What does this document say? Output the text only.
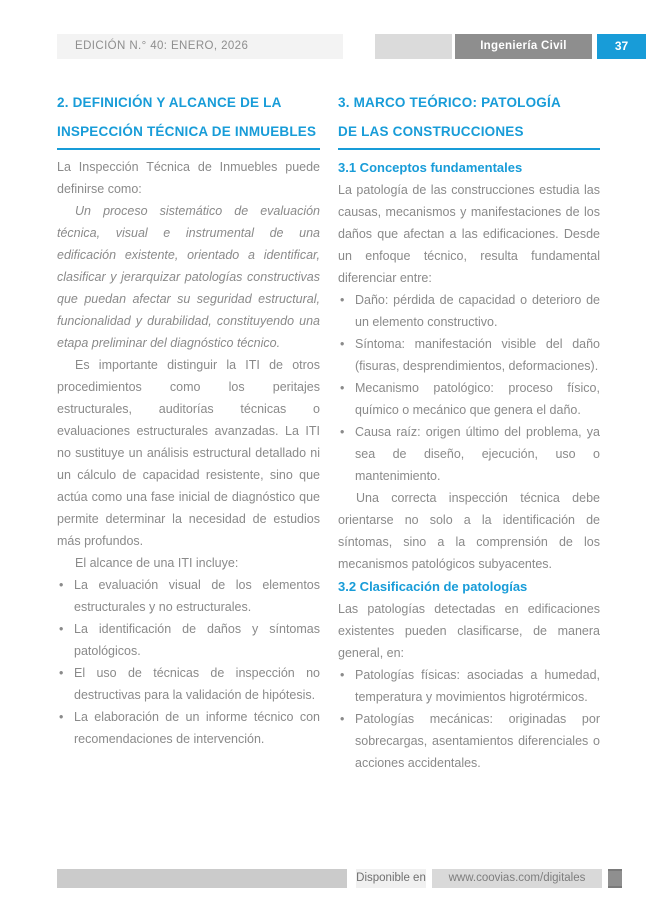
EDICIÓN N.° 40: ENERO, 2026	Ingeniería Civil	37
2. DEFINICIÓN Y ALCANCE DE LA
INSPECCIÓN TÉCNICA DE INMUEBLES

La Inspección Técnica de Inmuebles puede definirse como:

Un proceso sistemático de evaluación técnica, visual e instrumental de una edificación existente, orientado a identificar, clasificar y jerarquizar patologías constructivas que puedan afectar su seguridad estructural, funcionalidad y durabilidad, constituyendo una etapa preliminar del diagnóstico técnico.

Es importante distinguir la ITI de otros procedimientos como los peritajes estructurales, auditorías técnicas o evaluaciones estructurales avanzadas. La ITI no sustituye un análisis estructural detallado ni un cálculo de capacidad resistente, sino que actúa como una fase inicial de diagnóstico que permite determinar la necesidad de estudios más profundos.

El alcance de una ITI incluye:

• La evaluación visual de los elementos estructurales y no estructurales.
• La identificación de daños y síntomas patológicos.
• El uso de técnicas de inspección no destructivas para la validación de hipótesis.
• La elaboración de un informe técnico con recomendaciones de intervención.
3. MARCO TEÓRICO: PATOLOGÍA
DE LAS CONSTRUCCIONES
3.1 Conceptos fundamentales

La patología de las construcciones estudia las causas, mecanismos y manifestaciones de los daños que afectan a las edificaciones. Desde un enfoque técnico, resulta fundamental diferenciar entre:

• Daño: pérdida de capacidad o deterioro de un elemento constructivo.
• Síntoma: manifestación visible del daño (fisuras, desprendimientos, deformaciones).
• Mecanismo patológico: proceso físico, químico o mecánico que genera el daño.
• Causa raíz: origen último del problema, ya sea de diseño, ejecución, uso o mantenimiento.

Una correcta inspección técnica debe orientarse no solo a la identificación de síntomas, sino a la comprensión de los mecanismos patológicos subyacentes.

3.2 Clasificación de patologías

Las patologías detectadas en edificaciones existentes pueden clasificarse, de manera general, en:

• Patologías físicas: asociadas a humedad, temperatura y movimientos higrotérmicos.
• Patologías mecánicas: originadas por sobrecargas, asentamientos diferenciales o acciones accidentales.
Disponible en	www.coovias.com/digitales
